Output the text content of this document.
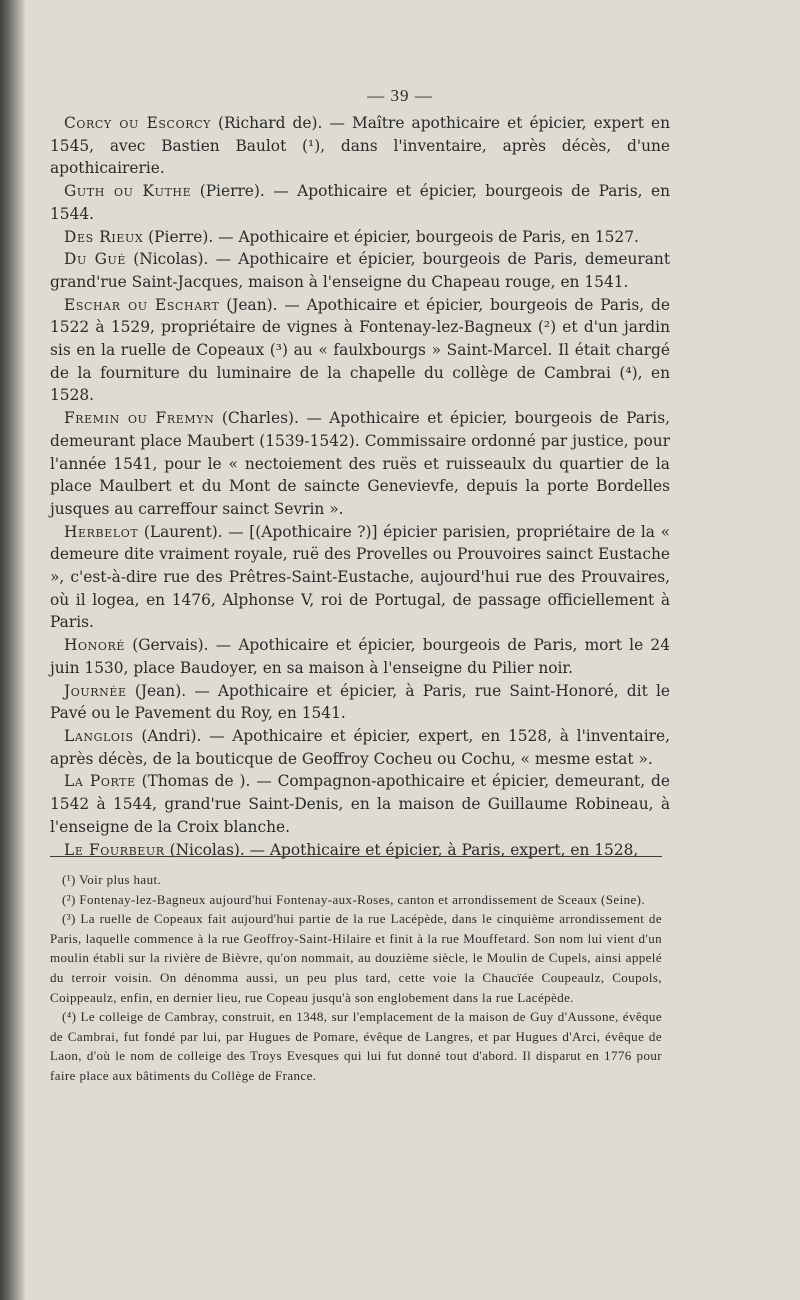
— 39 —

Corcy ou Escorcy (Richard de). — Maître apothicaire et épicier, expert en 1545, avec Bastien Baulot (¹), dans l'inventaire, après décès, d'une apothicairerie.

Guth ou Kuthe (Pierre). — Apothicaire et épicier, bourgeois de Paris, en 1544.

Des Rieux (Pierre). — Apothicaire et épicier, bourgeois de Paris, en 1527.

Du Gué (Nicolas). — Apothicaire et épicier, bourgeois de Paris, demeurant grand'rue Saint-Jacques, maison à l'enseigne du Chapeau rouge, en 1541.

Eschar ou Eschart (Jean). — Apothicaire et épicier, bourgeois de Paris, de 1522 à 1529, propriétaire de vignes à Fontenay-lez-Bagneux (²) et d'un jardin sis en la ruelle de Copeaux (³) au « faulxbourgs » Saint-Marcel. Il était chargé de la fourniture du luminaire de la chapelle du collège de Cambrai (⁴), en 1528.

Fremin ou Fremyn (Charles). — Apothicaire et épicier, bourgeois de Paris, demeurant place Maubert (1539-1542). Commissaire ordonné par justice, pour l'année 1541, pour le « nectoiement des ruës et ruisseaulx du quartier de la place Maulbert et du Mont de saincte Genevievfe, depuis la porte Bordelles jusques au carreffour sainct Sevrin ».

Herbelot (Laurent). — [(Apothicaire ?)] épicier parisien, propriétaire de la « demeure dite vraiment royale, ruë des Provelles ou Prouvoires sainct Eustache », c'est-à-dire rue des Prêtres-Saint-Eustache, aujourd'hui rue des Prouvaires, où il logea, en 1476, Alphonse V, roi de Portugal, de passage officiellement à Paris.

Honoré (Gervais). — Apothicaire et épicier, bourgeois de Paris, mort le 24 juin 1530, place Baudoyer, en sa maison à l'enseigne du Pilier noir.

Journée (Jean). — Apothicaire et épicier, à Paris, rue Saint-Honoré, dit le Pavé ou le Pavement du Roy, en 1541.

Langlois (Andri). — Apothicaire et épicier, expert, en 1528, à l'inventaire, après décès, de la bouticque de Geoffroy Cocheu ou Cochu, « mesme estat ».

La Porte (Thomas de ). — Compagnon-apothicaire et épicier, demeurant, de 1542 à 1544, grand'rue Saint-Denis, en la maison de Guillaume Robineau, à l'enseigne de la Croix blanche.

Le Fourbeur (Nicolas). — Apothicaire et épicier, à Paris, expert, en 1528,

(¹) Voir plus haut.

(²) Fontenay-lez-Bagneux aujourd'hui Fontenay-aux-Roses, canton et arrondissement de Sceaux (Seine).

(³) La ruelle de Copeaux fait aujourd'hui partie de la rue Lacépède, dans le cinquième arrondissement de Paris, laquelle commence à la rue Geoffroy-Saint-Hilaire et finit à la rue Mouffetard. Son nom lui vient d'un moulin établi sur la rivière de Bièvre, qu'on nommait, au douzième siècle, le Moulin de Cupels, ainsi appelé du terroir voisin. On dénomma aussi, un peu plus tard, cette voie la Chaucïée Coupeaulz, Coupols, Coippeaulz, enfin, en dernier lieu, rue Copeau jusqu'à son englobement dans la rue Lacépède.

(⁴) Le colleige de Cambray, construit, en 1348, sur l'emplacement de la maison de Guy d'Aussone, évêque de Cambrai, fut fondé par lui, par Hugues de Pomare, évêque de Langres, et par Hugues d'Arci, évêque de Laon, d'où le nom de colleige des Troys Evesques qui lui fut donné tout d'abord. Il disparut en 1776 pour faire place aux bâtiments du Collège de France.
